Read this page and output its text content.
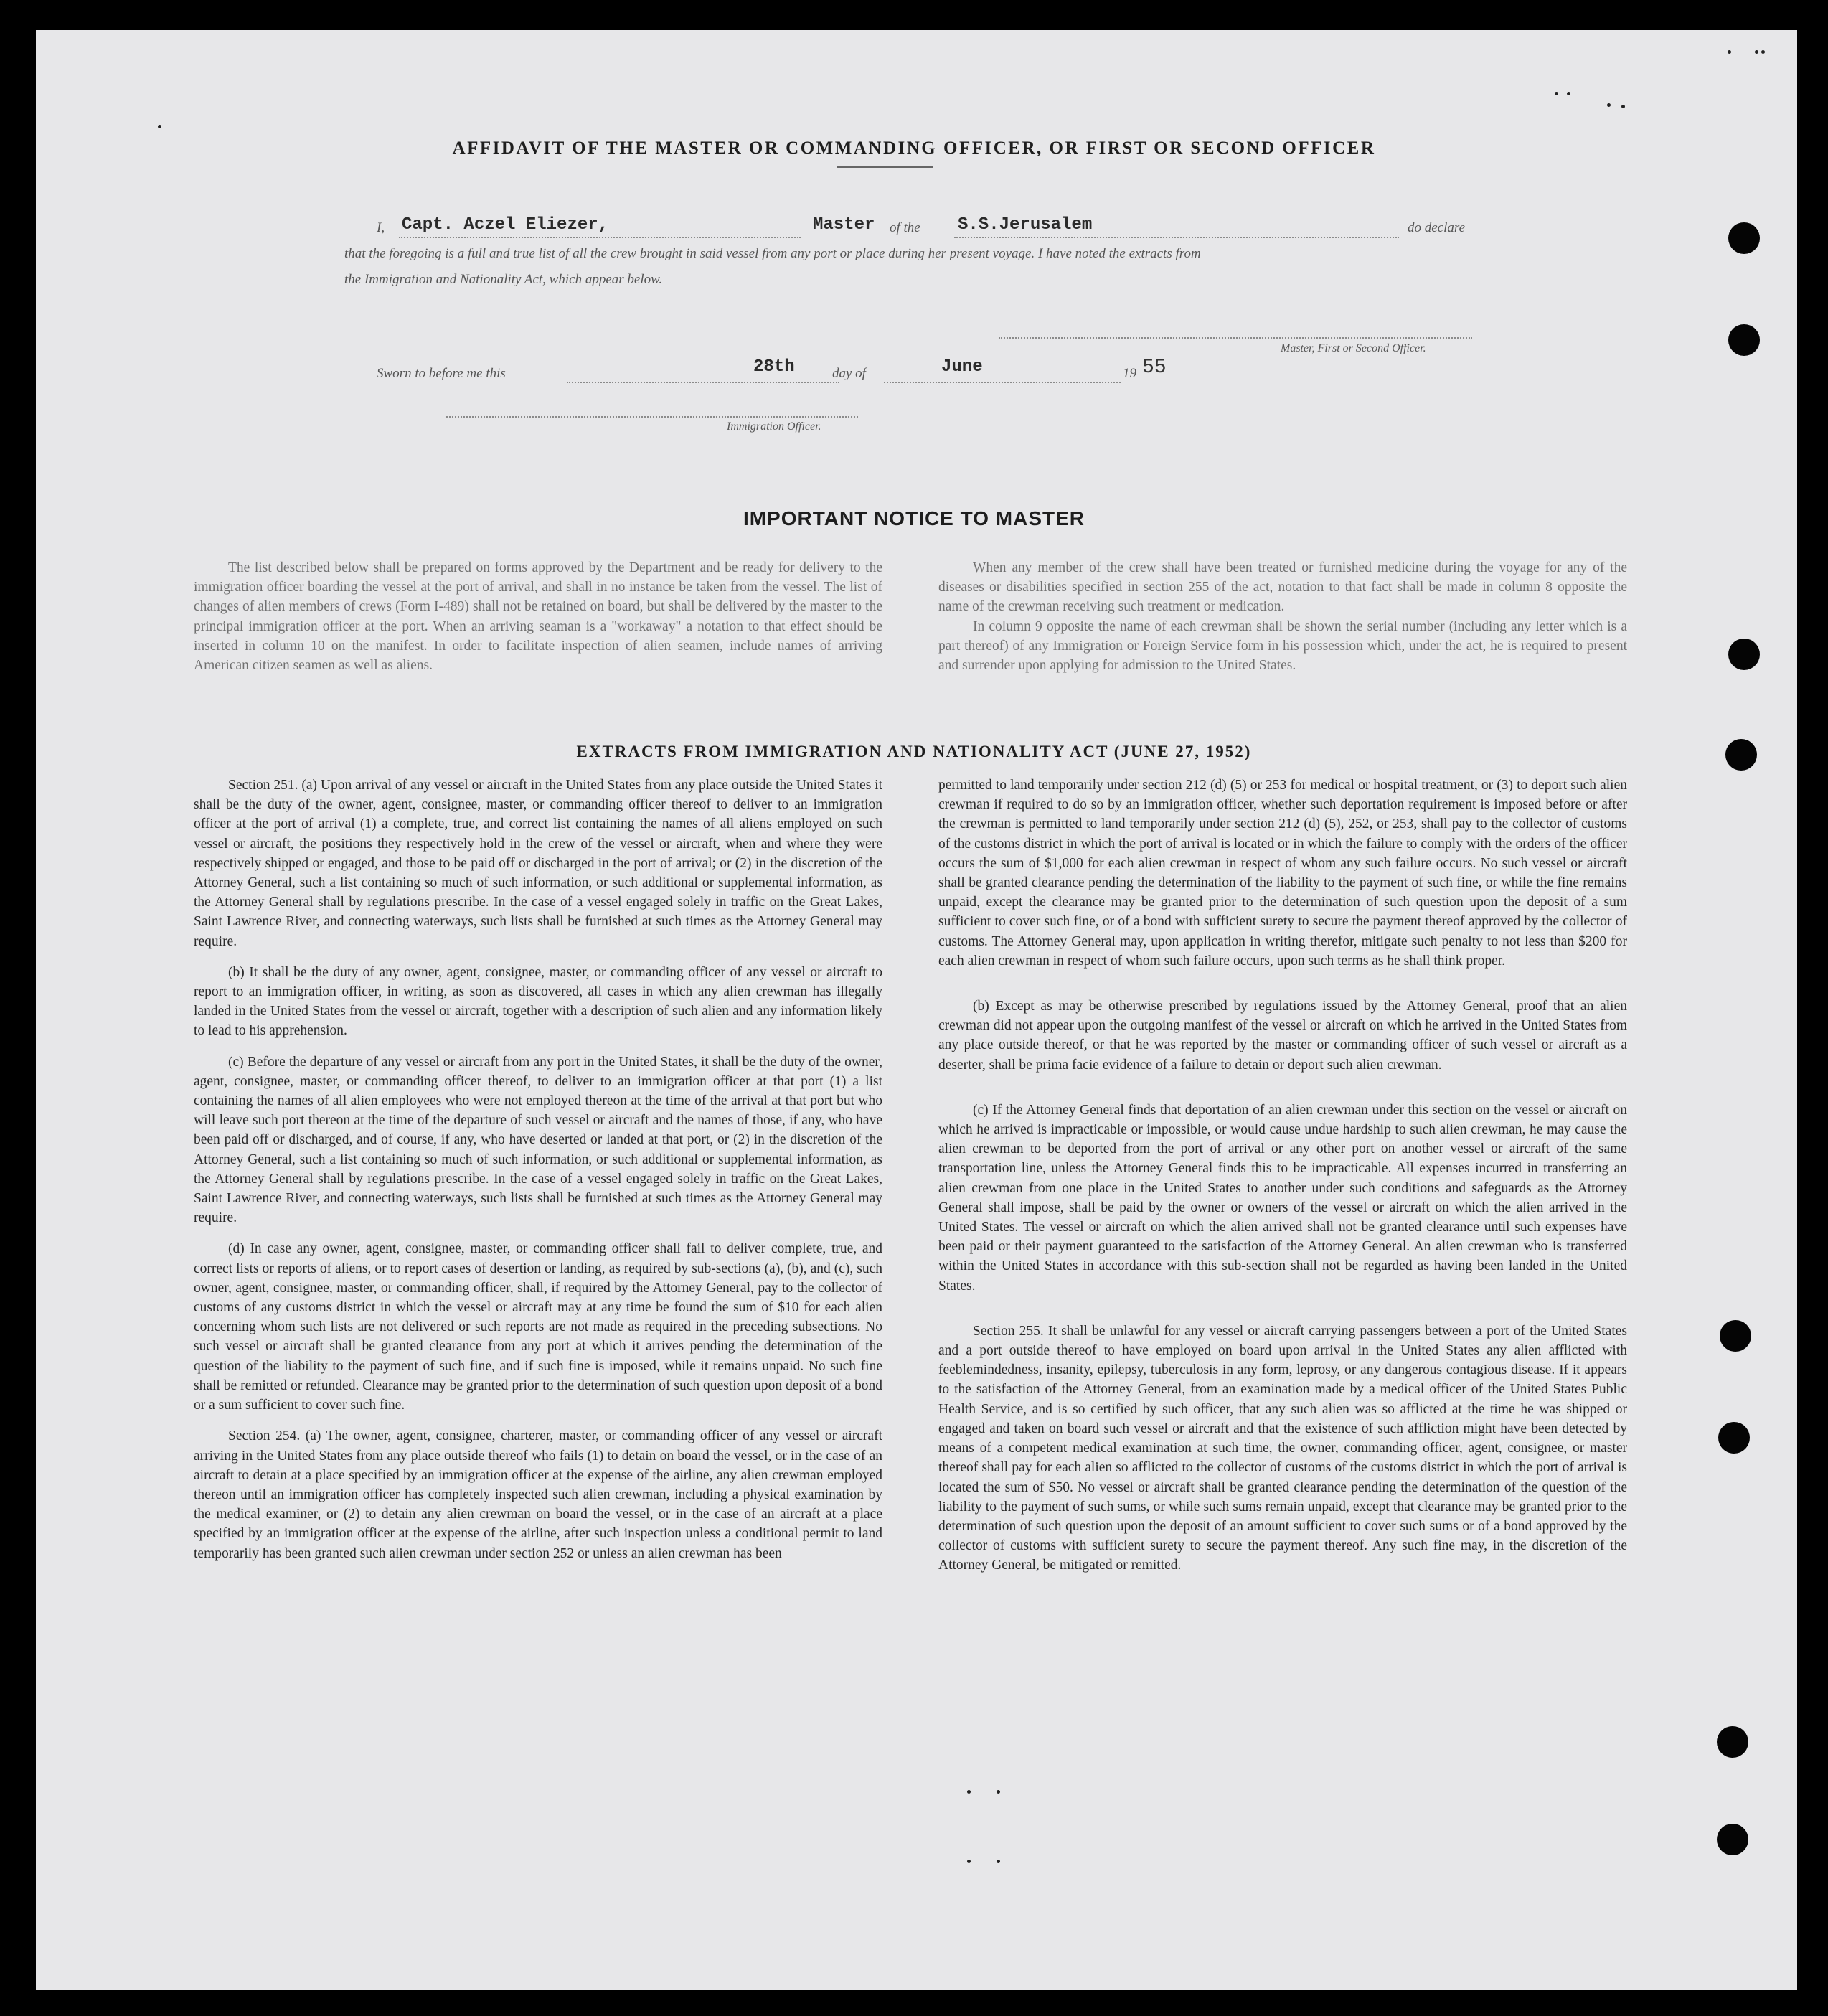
AFFIDAVIT OF THE MASTER OR COMMANDING OFFICER, OR FIRST OR SECOND OFFICER
I, Capt. Aczel Eliezer,	Master of the S.S.Jerusalem	do declare
that the foregoing is a full and true list of all the crew brought in said vessel from any port or place during her present voyage. I have noted the extracts from
the Immigration and Nationality Act, which appear below.
Master, First or Second Officer.
Sworn to before me this	28th	day of	June	19 55
Immigration Officer.
IMPORTANT NOTICE TO MASTER

The list described below shall be prepared on forms approved by the Department and be ready for delivery to the immigration officer boarding the vessel at the port of arrival, and shall in no instance be taken from the vessel. The list of changes of alien members of crews (Form I-489) shall not be retained on board, but shall be delivered by the master to the principal immigration officer at the port. When an arriving seaman is a "workaway" a notation to that effect should be inserted in column 10 on the manifest. In order to facilitate inspection of alien seamen, include names of arriving American citizen seamen as well as aliens.

When any member of the crew shall have been treated or furnished medicine during the voyage for any of the diseases or disabilities specified in section 255 of the act, notation to that fact shall be made in column 8 opposite the name of the crewman receiving such treatment or medication.

In column 9 opposite the name of each crewman shall be shown the serial number (including any letter which is a part thereof) of any Immigration or Foreign Service form in his possession which, under the act, he is required to present and surrender upon applying for admission to the United States.

EXTRACTS FROM IMMIGRATION AND NATIONALITY ACT (JUNE 27, 1952)

Section 251. (a) Upon arrival of any vessel or aircraft in the United States from any place outside the United States it shall be the duty of the owner, agent, consignee, master, or commanding officer thereof to deliver to an immigration officer at the port of arrival (1) a complete, true, and correct list containing the names of all aliens employed on such vessel or aircraft, the positions they respectively hold in the crew of the vessel or aircraft, when and where they were respectively shipped or engaged, and those to be paid off or discharged in the port of arrival; or (2) in the discretion of the Attorney General, such a list containing so much of such information, or such additional or supplemental information, as the Attorney General shall by regulations prescribe. In the case of a vessel engaged solely in traffic on the Great Lakes, Saint Lawrence River, and connecting waterways, such lists shall be furnished at such times as the Attorney General may require.

(b) It shall be the duty of any owner, agent, consignee, master, or commanding officer of any vessel or aircraft to report to an immigration officer, in writing, as soon as discovered, all cases in which any alien crewman has illegally landed in the United States from the vessel or aircraft, together with a description of such alien and any information likely to lead to his apprehension.

(c) Before the departure of any vessel or aircraft from any port in the United States, it shall be the duty of the owner, agent, consignee, master, or commanding officer thereof, to deliver to an immigration officer at that port (1) a list containing the names of all alien employees who were not employed thereon at the time of the arrival at that port but who will leave such port thereon at the time of the departure of such vessel or aircraft and the names of those, if any, who have been paid off or discharged, and of course, if any, who have deserted or landed at that port, or (2) in the discretion of the Attorney General, such a list containing so much of such information, or such additional or supplemental information, as the Attorney General shall by regulations prescribe. In the case of a vessel engaged solely in traffic on the Great Lakes, Saint Lawrence River, and connecting waterways, such lists shall be furnished at such times as the Attorney General may require.

(d) In case any owner, agent, consignee, master, or commanding officer shall fail to deliver complete, true, and correct lists or reports of aliens, or to report cases of desertion or landing, as required by sub-sections (a), (b), and (c), such owner, agent, consignee, master, or commanding officer, shall, if required by the Attorney General, pay to the collector of customs of any customs district in which the vessel or aircraft may at any time be found the sum of $10 for each alien concerning whom such lists are not delivered or such reports are not made as required in the preceding subsections. No such vessel or aircraft shall be granted clearance from any port at which it arrives pending the determination of the question of the liability to the payment of such fine, and if such fine is imposed, while it remains unpaid. No such fine shall be remitted or refunded. Clearance may be granted prior to the determination of such question upon deposit of a bond or a sum sufficient to cover such fine.

Section 254. (a) The owner, agent, consignee, charterer, master, or commanding officer of any vessel or aircraft arriving in the United States from any place outside thereof who fails (1) to detain on board the vessel, or in the case of an aircraft to detain at a place specified by an immigration officer at the expense of the airline, any alien crewman employed thereon until an immigration officer has completely inspected such alien crewman, including a physical examination by the medical examiner, or (2) to detain any alien crewman on board the vessel, or in the case of an aircraft at a place specified by an immigration officer at the expense of the airline, after such inspection unless a conditional permit to land temporarily has been granted such alien crewman under section 252 or unless an alien crewman has been

permitted to land temporarily under section 212 (d) (5) or 253 for medical or hospital treatment, or (3) to deport such alien crewman if required to do so by an immigration officer, whether such deportation requirement is imposed before or after the crewman is permitted to land temporarily under section 212 (d) (5), 252, or 253, shall pay to the collector of customs of the customs district in which the port of arrival is located or in which the failure to comply with the orders of the officer occurs the sum of $1,000 for each alien crewman in respect of whom any such failure occurs. No such vessel or aircraft shall be granted clearance pending the determination of the liability to the payment of such fine, or while the fine remains unpaid, except the clearance may be granted prior to the determination of such question upon the deposit of a sum sufficient to cover such fine, or of a bond with sufficient surety to secure the payment thereof approved by the collector of customs. The Attorney General may, upon application in writing therefor, mitigate such penalty to not less than $200 for each alien crewman in respect of whom such failure occurs, upon such terms as he shall think proper.

(b) Except as may be otherwise prescribed by regulations issued by the Attorney General, proof that an alien crewman did not appear upon the outgoing manifest of the vessel or aircraft on which he arrived in the United States from any place outside thereof, or that he was reported by the master or commanding officer of such vessel or aircraft as a deserter, shall be prima facie evidence of a failure to detain or deport such alien crewman.

(c) If the Attorney General finds that deportation of an alien crewman under this section on the vessel or aircraft on which he arrived is impracticable or impossible, or would cause undue hardship to such alien crewman, he may cause the alien crewman to be deported from the port of arrival or any other port on another vessel or aircraft of the same transportation line, unless the Attorney General finds this to be impracticable. All expenses incurred in transferring an alien crewman from one place in the United States to another under such conditions and safeguards as the Attorney General shall impose, shall be paid by the owner or owners of the vessel or aircraft on which the alien arrived in the United States. The vessel or aircraft on which the alien arrived shall not be granted clearance until such expenses have been paid or their payment guaranteed to the satisfaction of the Attorney General. An alien crewman who is transferred within the United States in accordance with this sub-section shall not be regarded as having been landed in the United States.

Section 255. It shall be unlawful for any vessel or aircraft carrying passengers between a port of the United States and a port outside thereof to have employed on board upon arrival in the United States any alien afflicted with feeblemindedness, insanity, epilepsy, tuberculosis in any form, leprosy, or any dangerous contagious disease. If it appears to the satisfaction of the Attorney General, from an examination made by a medical officer of the United States Public Health Service, and is so certified by such officer, that any such alien was so afflicted at the time he was shipped or engaged and taken on board such vessel or aircraft and that the existence of such affliction might have been detected by means of a competent medical examination at such time, the owner, commanding officer, agent, consignee, or master thereof shall pay for each alien so afflicted to the collector of customs of the customs district in which the port of arrival is located the sum of $50. No vessel or aircraft shall be granted clearance pending the determination of the question of the liability to the payment of such sums, or while such sums remain unpaid, except that clearance may be granted prior to the determination of such question upon the deposit of an amount sufficient to cover such sums or of a bond approved by the collector of customs with sufficient surety to secure the payment thereof. Any such fine may, in the discretion of the Attorney General, be mitigated or remitted.
